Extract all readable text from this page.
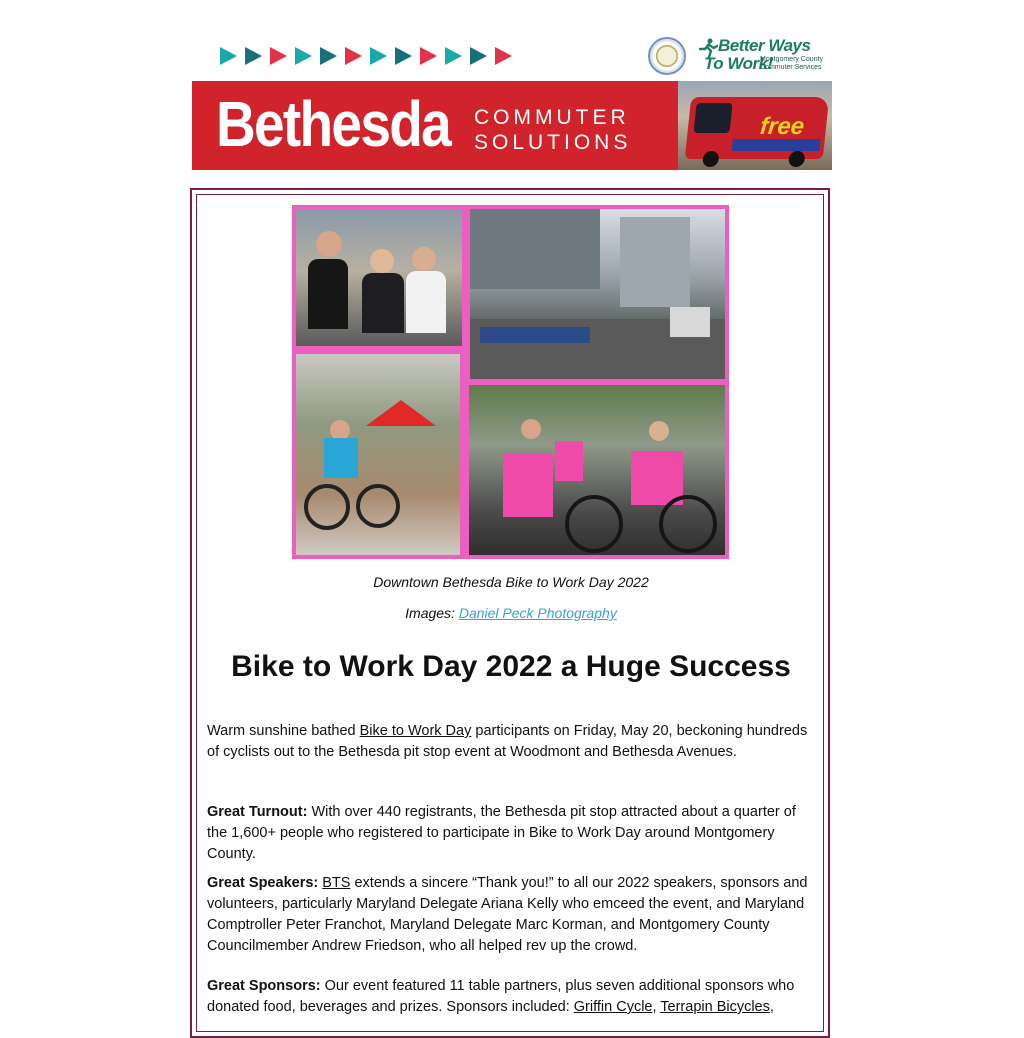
Better Ways
To Work!
Montgomery County Commuter Services
Bethesda COMMUTER
SOLUTIONS
free
Downtown Bethesda Bike to Work Day 2022
Images: Daniel Peck Photography
Bike to Work Day 2022 a Huge Success
Warm sunshine bathed Bike to Work Day participants on Friday, May 20, beckoning hundreds of cyclists out to the Bethesda pit stop event at Woodmont and Bethesda Avenues.
Great Turnout: With over 440 registrants, the Bethesda pit stop attracted about a quarter of the 1,600+ people who registered to participate in Bike to Work Day around Montgomery County.
Great Speakers: BTS extends a sincere “Thank you!” to all our 2022 speakers, sponsors and volunteers, particularly Maryland Delegate Ariana Kelly who emceed the event, and Maryland Comptroller Peter Franchot, Maryland Delegate Marc Korman, and Montgomery County Councilmember Andrew Friedson, who all helped rev up the crowd.
Great Sponsors: Our event featured 11 table partners, plus seven additional sponsors who donated food, beverages and prizes. Sponsors included: Griffin Cycle, Terrapin Bicycles,
